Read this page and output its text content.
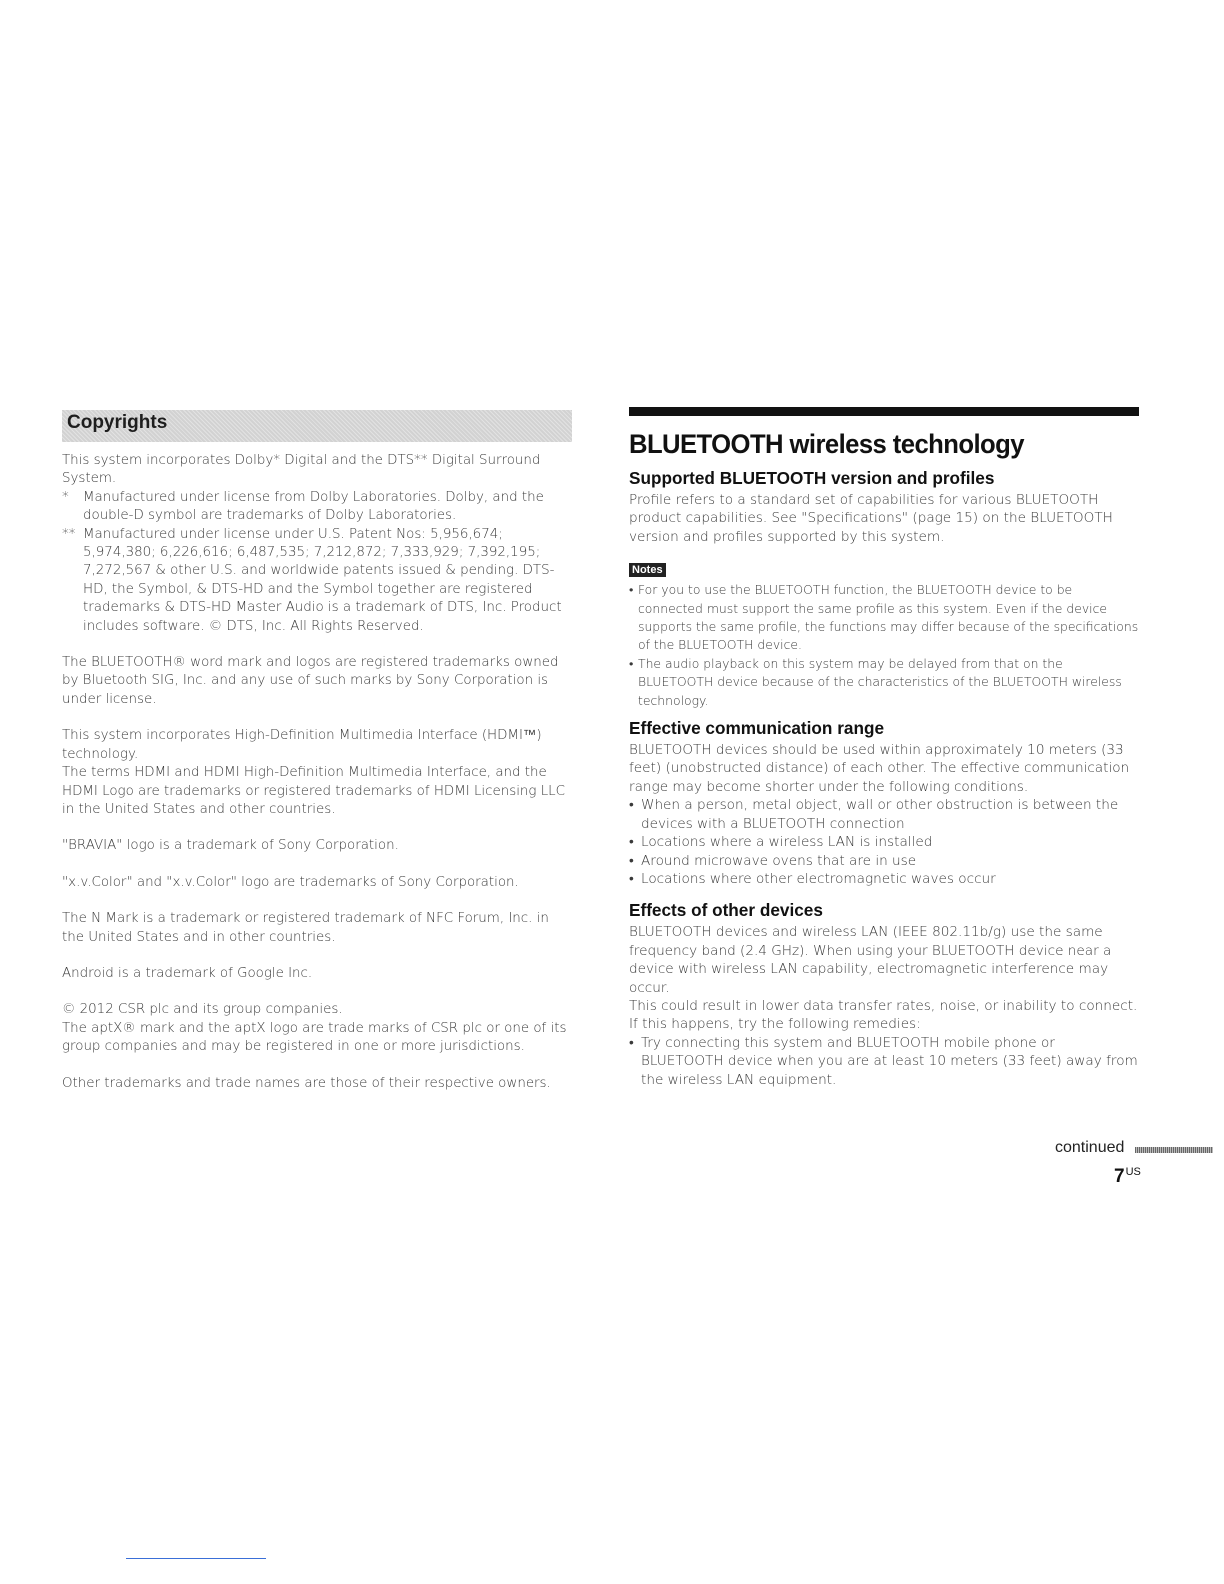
Copyrights

This system incorporates Dolby* Digital and the DTS** Digital Surround System.

*	Manufactured under license from Dolby Laboratories. Dolby, and the double-D symbol are trademarks of Dolby Laboratories.
** Manufactured under license under U.S. Patent Nos: 5,956,674; 5,974,380; 6,226,616; 6,487,535; 7,212,872; 7,333,929; 7,392,195; 7,272,567 & other U.S. and worldwide patents issued & pending. DTS-HD, the Symbol, & DTS-HD and the Symbol together are registered trademarks & DTS-HD Master Audio is a trademark of DTS, Inc. Product includes software. © DTS, Inc. All Rights Reserved.

The BLUETOOTH® word mark and logos are registered trademarks owned by Bluetooth SIG, Inc. and any use of such marks by Sony Corporation is under license.

This system incorporates High-Definition Multimedia Interface (HDMI™) technology.

The terms HDMI and HDMI High-Definition Multimedia Interface, and the HDMI Logo are trademarks or registered trademarks of HDMI Licensing LLC in the United States and other countries.

"BRAVIA" logo is a trademark of Sony Corporation.

"x.v.Color" and "x.v.Color" logo are trademarks of Sony Corporation.

The N Mark is a trademark or registered trademark of NFC Forum, Inc. in the United States and in other countries.

Android is a trademark of Google Inc.

© 2012 CSR plc and its group companies.

The aptX® mark and the aptX logo are trade marks of CSR plc or one of its group companies and may be registered in one or more jurisdictions.

Other trademarks and trade names are those of their respective owners.

BLUETOOTH wireless technology
Supported BLUETOOTH version and profiles

Profile refers to a standard set of capabilities for various BLUETOOTH product capabilities. See "Specifications" (page 15) on the BLUETOOTH version and profiles supported by this system.

Notes
• For you to use the BLUETOOTH function, the BLUETOOTH device to be connected must support the same profile as this system. Even if the device supports the same profile, the functions may differ because of the specifications of the BLUETOOTH device.
• The audio playback on this system may be delayed from that on the BLUETOOTH device because of the characteristics of the BLUETOOTH wireless technology.
Effective communication range

BLUETOOTH devices should be used within approximately 10 meters (33 feet) (unobstructed distance) of each other. The effective communication range may become shorter under the following conditions.

• When a person, metal object, wall or other obstruction is between the devices with a BLUETOOTH connection
• Locations where a wireless LAN is installed
• Around microwave ovens that are in use
• Locations where other electromagnetic waves occur
Effects of other devices

BLUETOOTH devices and wireless LAN (IEEE 802.11b/g) use the same frequency band (2.4 GHz). When using your BLUETOOTH device near a device with wireless LAN capability, electromagnetic interference may occur.

This could result in lower data transfer rates, noise, or inability to connect. If this happens, try the following remedies:

• Try connecting this system and BLUETOOTH mobile phone or BLUETOOTH device when you are at least 10 meters (33 feet) away from the wireless LAN equipment.
continued
$7^{US}$
